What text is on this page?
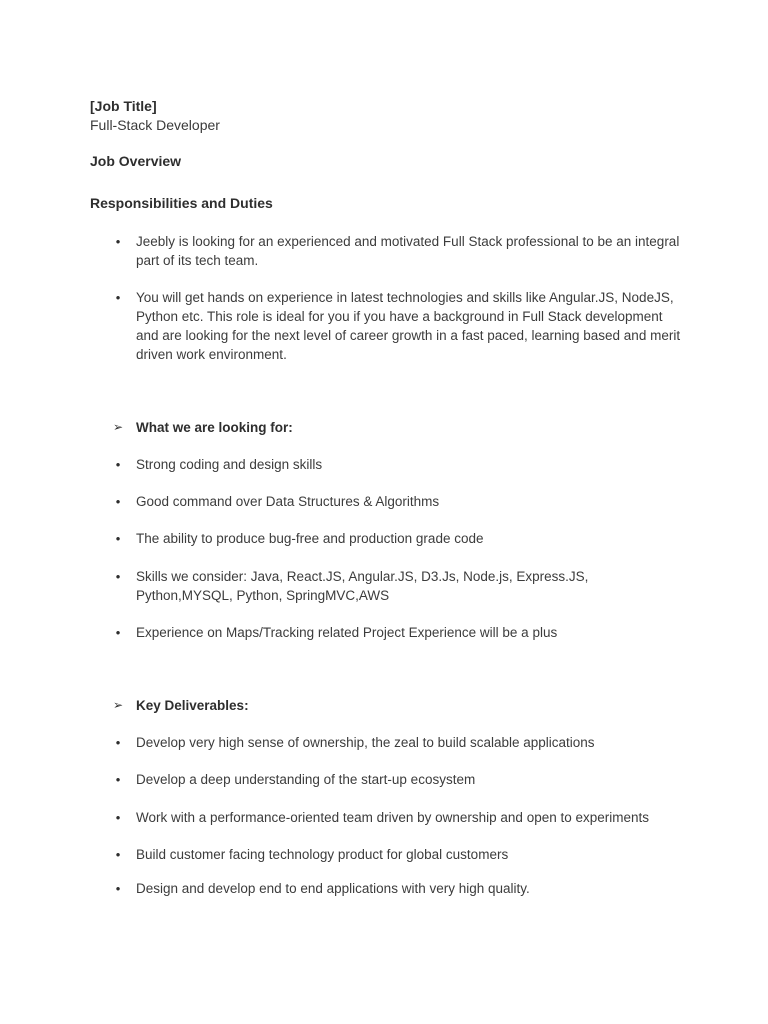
[Job Title]
Full-Stack Developer
Job Overview
Responsibilities and Duties
•	Jeebly is looking for an experienced and motivated Full Stack professional to be an integral part of its tech team.
•	You will get hands on experience in latest technologies and skills like Angular.JS, NodeJS, Python etc. This role is ideal for you if you have a background in Full Stack development and are looking for the next level of career growth in a fast paced, learning based and merit driven work environment.
➢ What we are looking for:
•	Strong coding and design skills
•	Good command over Data Structures & Algorithms
•	The ability to produce bug-free and production grade code
•	Skills we consider: Java, React.JS, Angular.JS, D3.Js, Node.js, Express.JS, Python,MYSQL, Python, SpringMVC,AWS
•	Experience on Maps/Tracking related Project Experience will be a plus
➢ Key Deliverables:
•	Develop very high sense of ownership, the zeal to build scalable applications
•	Develop a deep understanding of the start-up ecosystem
•	Work with a performance-oriented team driven by ownership and open to experiments
•	Build customer facing technology product for global customers
•	Design and develop end to end applications with very high quality.
